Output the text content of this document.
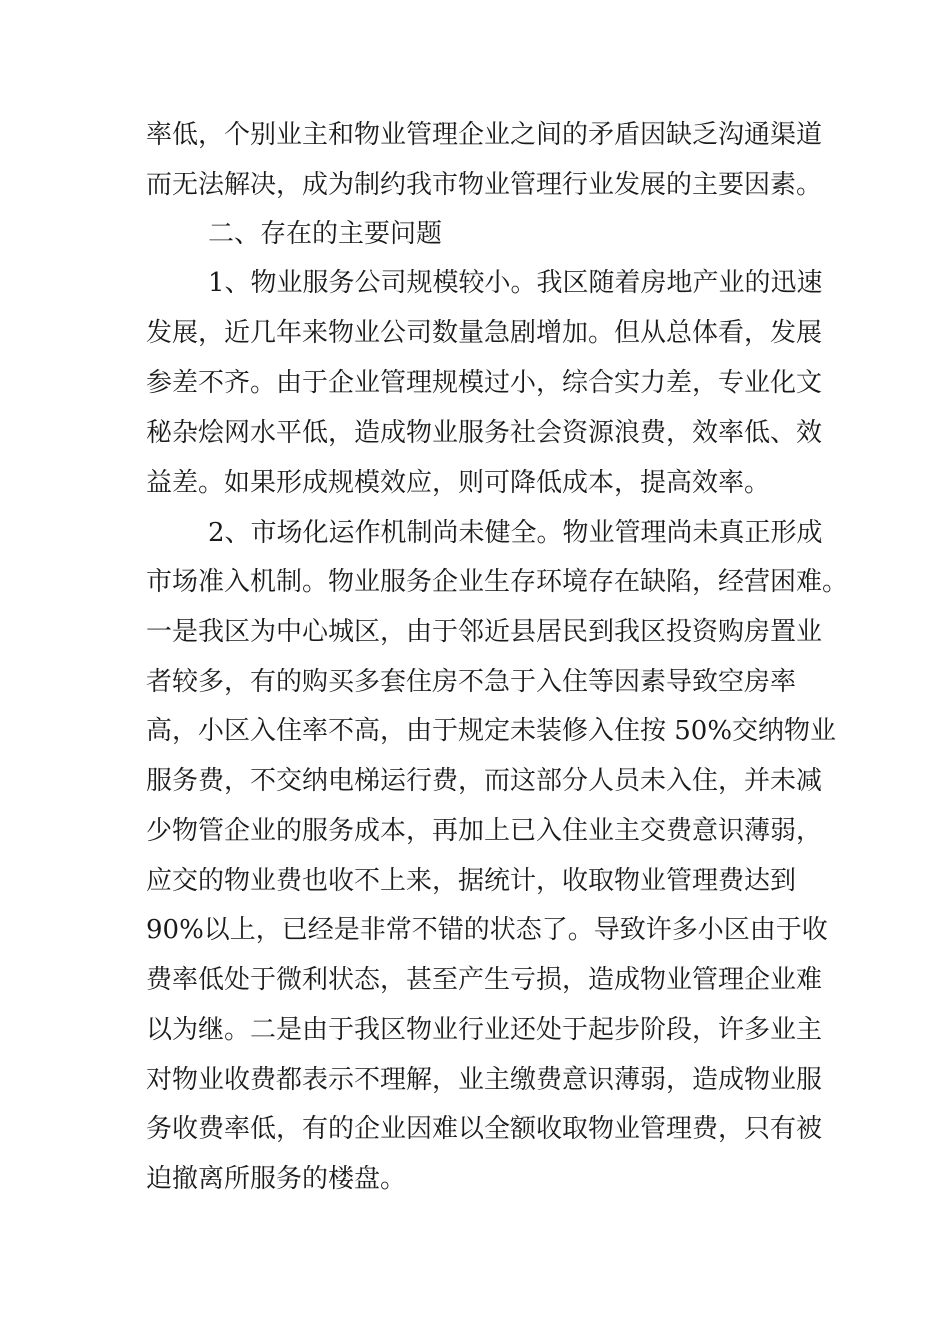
率低，个别业主和物业管理企业之间的矛盾因缺乏沟通渠道
而无法解决，成为制约我市物业管理行业发展的主要因素。
二、存在的主要问题
1、物业服务公司规模较小。我区随着房地产业的迅速
发展，近几年来物业公司数量急剧增加。但从总体看，发展
参差不齐。由于企业管理规模过小，综合实力差，专业化文
秘杂烩网水平低，造成物业服务社会资源浪费，效率低、效
益差。如果形成规模效应，则可降低成本，提高效率。
2、市场化运作机制尚未健全。物业管理尚未真正形成
市场准入机制。物业服务企业生存环境存在缺陷，经营困难。
一是我区为中心城区，由于邻近县居民到我区投资购房置业
者较多，有的购买多套住房不急于入住等因素导致空房率
高，小区入住率不高，由于规定未装修入住按 50%交纳物业
服务费，不交纳电梯运行费，而这部分人员未入住，并未减
少物管企业的服务成本，再加上已入住业主交费意识薄弱，
应交的物业费也收不上来，据统计，收取物业管理费达到
90%以上，已经是非常不错的状态了。导致许多小区由于收
费率低处于微利状态，甚至产生亏损，造成物业管理企业难
以为继。二是由于我区物业行业还处于起步阶段，许多业主
对物业收费都表示不理解，业主缴费意识薄弱，造成物业服
务收费率低，有的企业因难以全额收取物业管理费，只有被
迫撤离所服务的楼盘。
